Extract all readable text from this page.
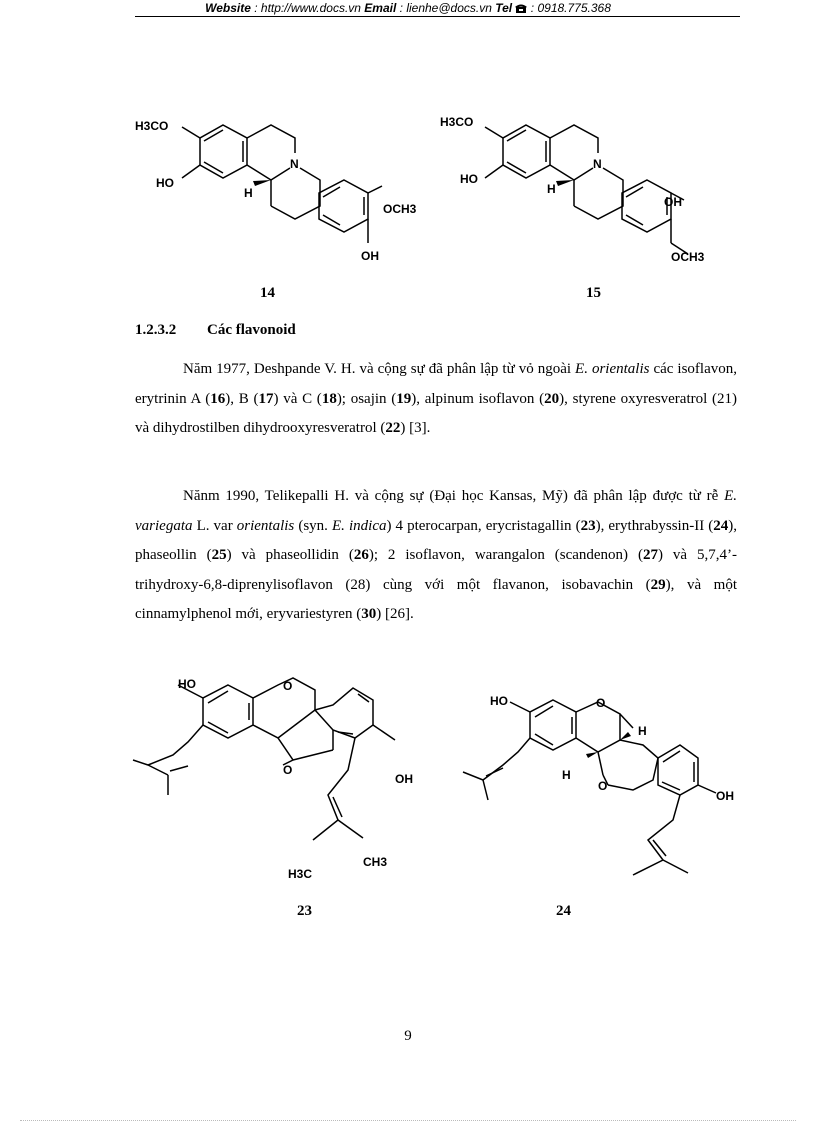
Website : http://www.docs.vn Email : lienhe@docs.vn Tel  : 0918.775.368
H3CO
HO
H
N
OCH3
OH
14
H3CO
HO
H
N
OH
OCH3
15
1.2.3.2 Các flavonoid

Năm 1977, Deshpande V. H. và cộng sự đã phân lập từ vỏ ngoài E. orientalis các isoflavon, erytrinin A (16), B (17) và C (18); osajin (19), alpinum isoflavon (20), styrene oxyresveratrol (21) và dihydrostilben dihydrooxyresveratrol (22) [3].

Nănm 1990, Telikepalli H. và cộng sự (Đại học Kansas, Mỹ) đã phân lập được từ rễ E. variegata L. var orientalis (syn. E. indica) 4 pterocarpan, erycristagallin (23), erythrabyssin-II (24), phaseollin (25) và phaseollidin (26); 2 isoflavon, warangalon (scandenon) (27) và 5,7,4’-trihydroxy-6,8-diprenylisoflavon (28) cùng với một flavanon, isobavachin (29), và một cinnamylphenol mới, eryvariestyren (30) [26].

HO	O
O
OH
H3C
CH3
23
HO	O
H
H
O
OH
24
9
